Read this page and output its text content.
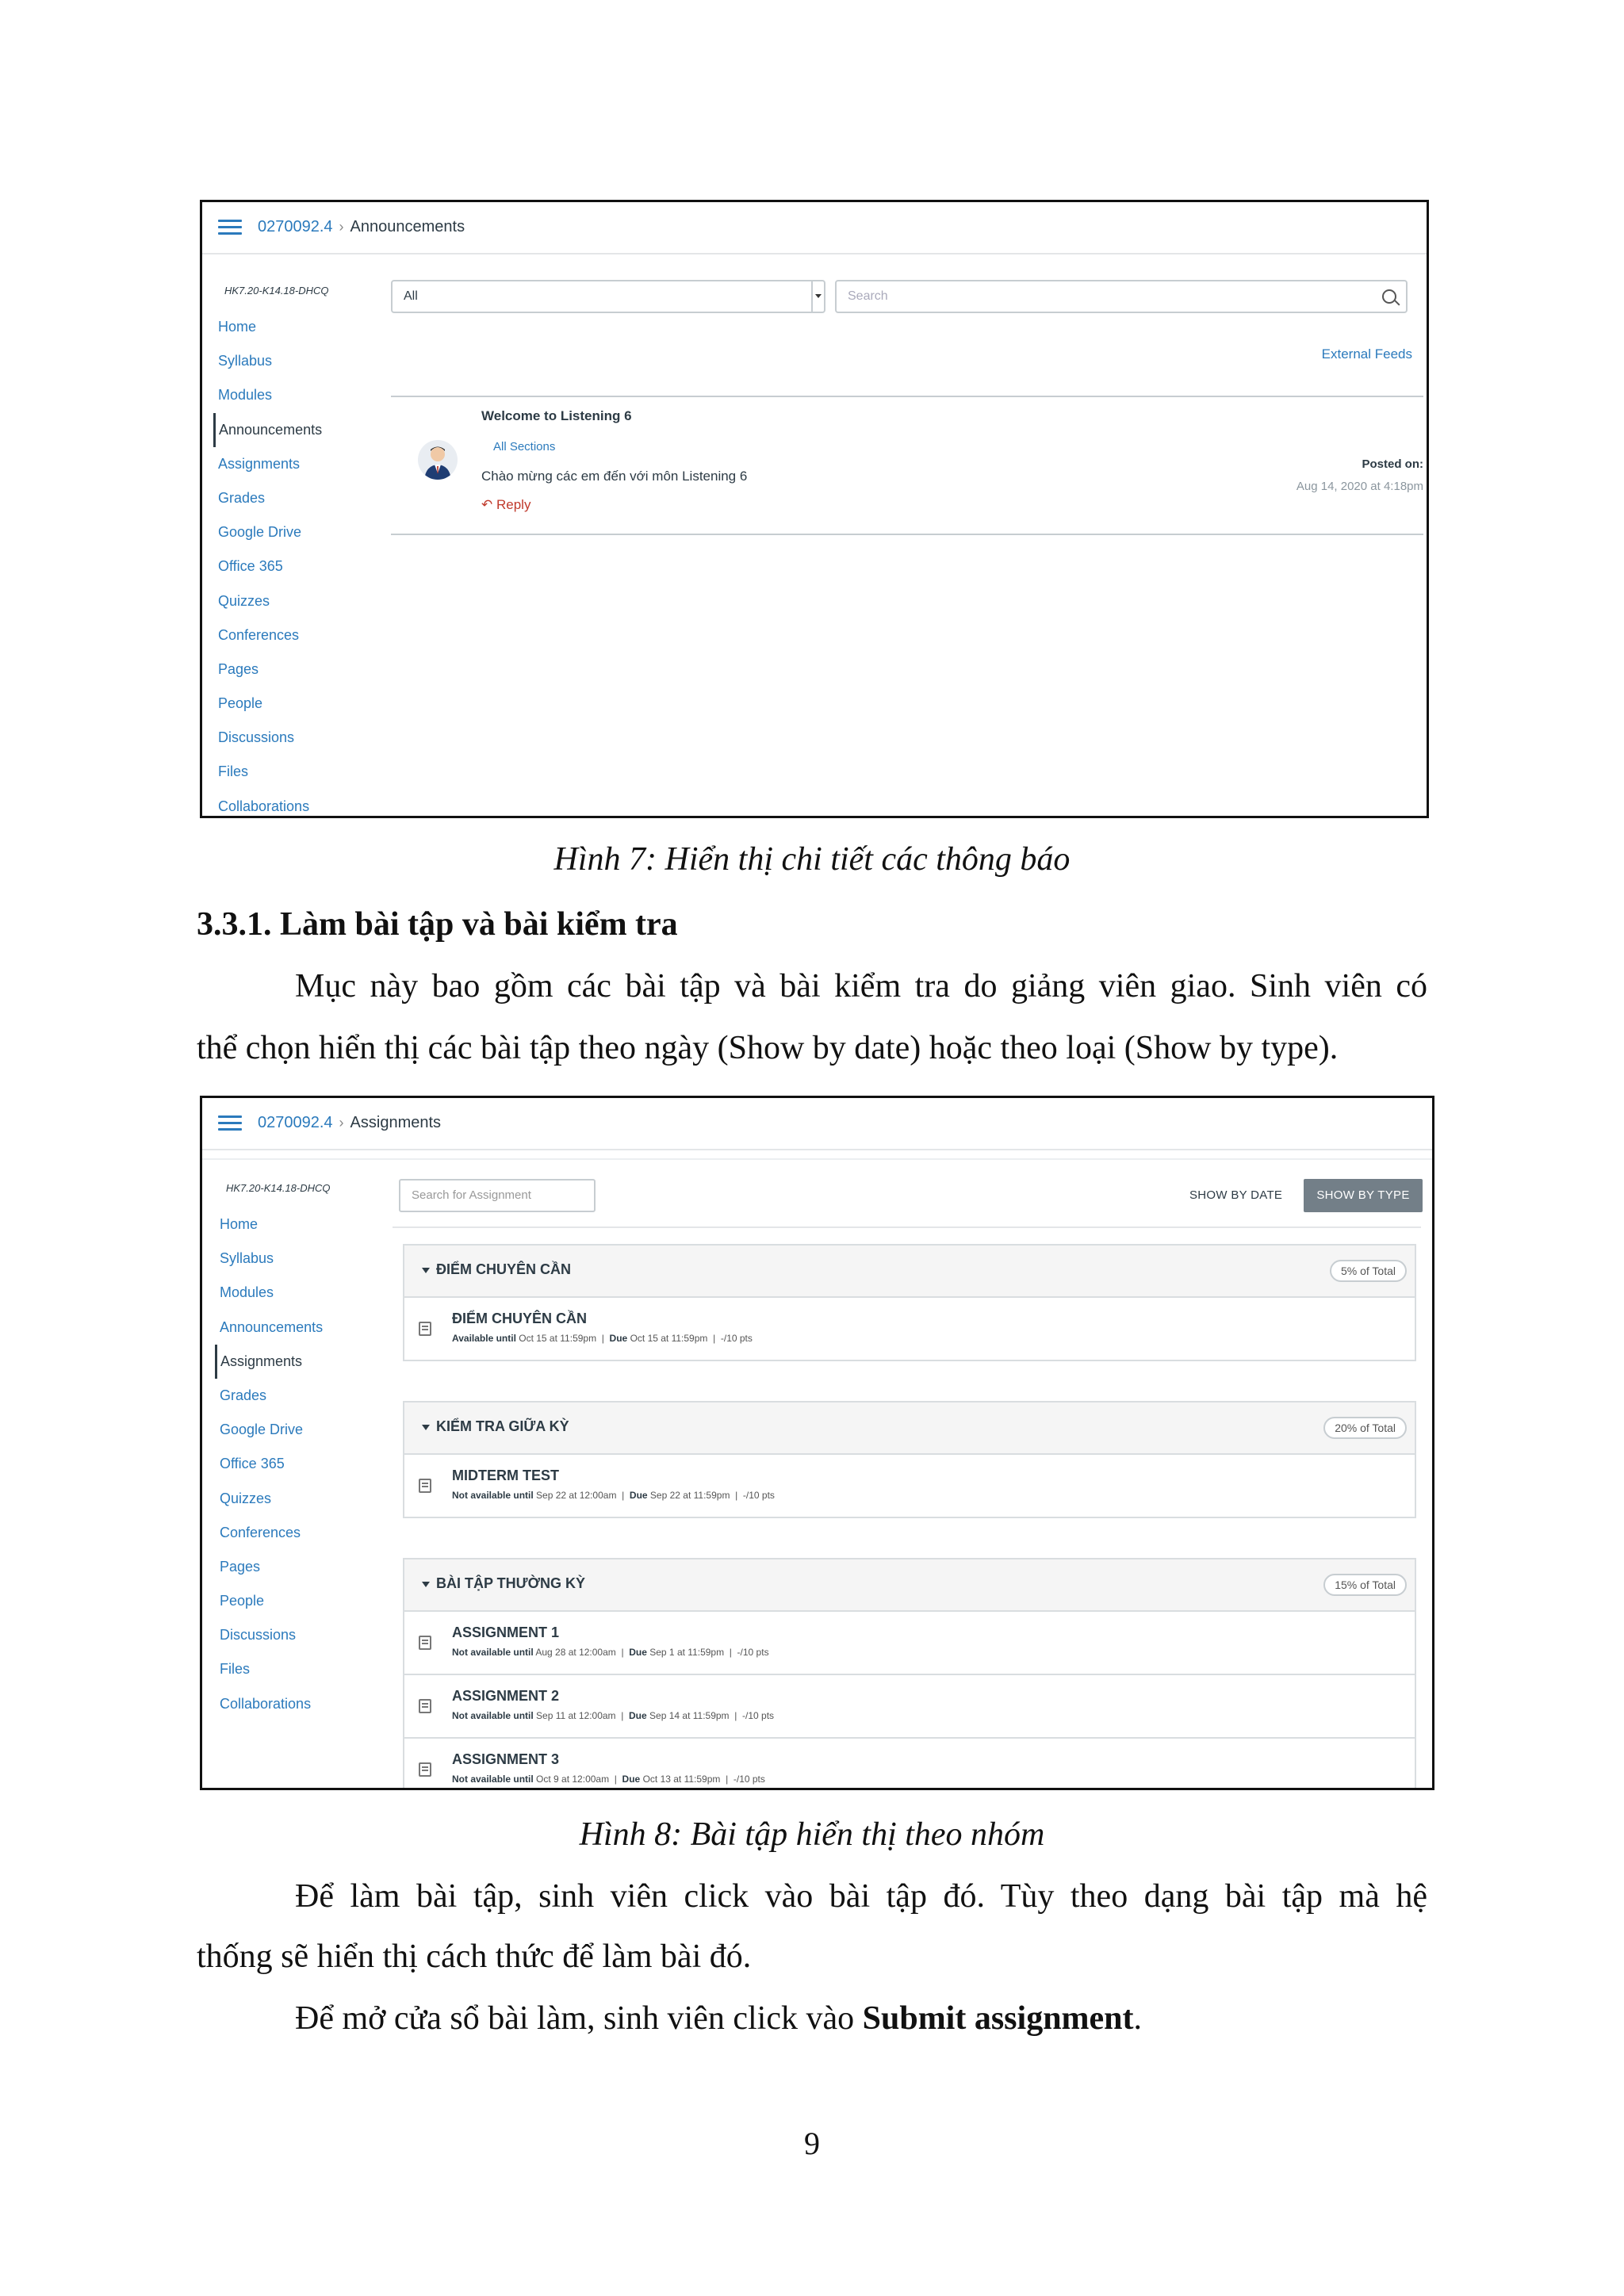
0270092.4 › Announcements
HK7.20-K14.18-DHCQ
Home
Syllabus
Modules
Announcements
Assignments
Grades
Google Drive
Office 365
Quizzes
Conferences
Pages
People
Discussions
Files
Collaborations
All	Search
External Feeds
Welcome to Listening 6
All Sections
Chào mừng các em đến với môn Listening 6
↶ Reply
Posted on:
Aug 14, 2020 at 4:18pm
Hình 7: Hiển thị chi tiết các thông báo
3.3.1. Làm bài tập và bài kiểm tra
Mục này bao gồm các bài tập và bài kiểm tra do giảng viên giao. Sinh viên có
thể chọn hiển thị các bài tập theo ngày (Show by date) hoặc theo loại (Show by type).
0270092.4 › Assignments
HK7.20-K14.18-DHCQ
Home
Syllabus
Modules
Announcements
Assignments
Grades
Google Drive
Office 365
Quizzes
Conferences
Pages
People
Discussions
Files
Collaborations
Search for Assignment	SHOW BY DATE	SHOW BY TYPE
ĐIỂM CHUYÊN CẦN	5% of Total
ĐIỂM CHUYÊN CẦN
Available until Oct 15 at 11:59pm  |  Due Oct 15 at 11:59pm  |  -/10 pts
KIỂM TRA GIỮA KỲ	20% of Total
MIDTERM TEST
Not available until Sep 22 at 12:00am  |  Due Sep 22 at 11:59pm  |  -/10 pts
BÀI TẬP THƯỜNG KỲ	15% of Total
ASSIGNMENT 1
Not available until Aug 28 at 12:00am  |  Due Sep 1 at 11:59pm  |  -/10 pts
ASSIGNMENT 2
Not available until Sep 11 at 12:00am  |  Due Sep 14 at 11:59pm  |  -/10 pts
ASSIGNMENT 3
Not available until Oct 9 at 12:00am  |  Due Oct 13 at 11:59pm  |  -/10 pts
Hình 8: Bài tập hiển thị theo nhóm
Để làm bài tập, sinh viên click vào bài tập đó. Tùy theo dạng bài tập mà hệ
thống sẽ hiển thị cách thức để làm bài đó.
Để mở cửa sổ bài làm, sinh viên click vào Submit assignment.
9
